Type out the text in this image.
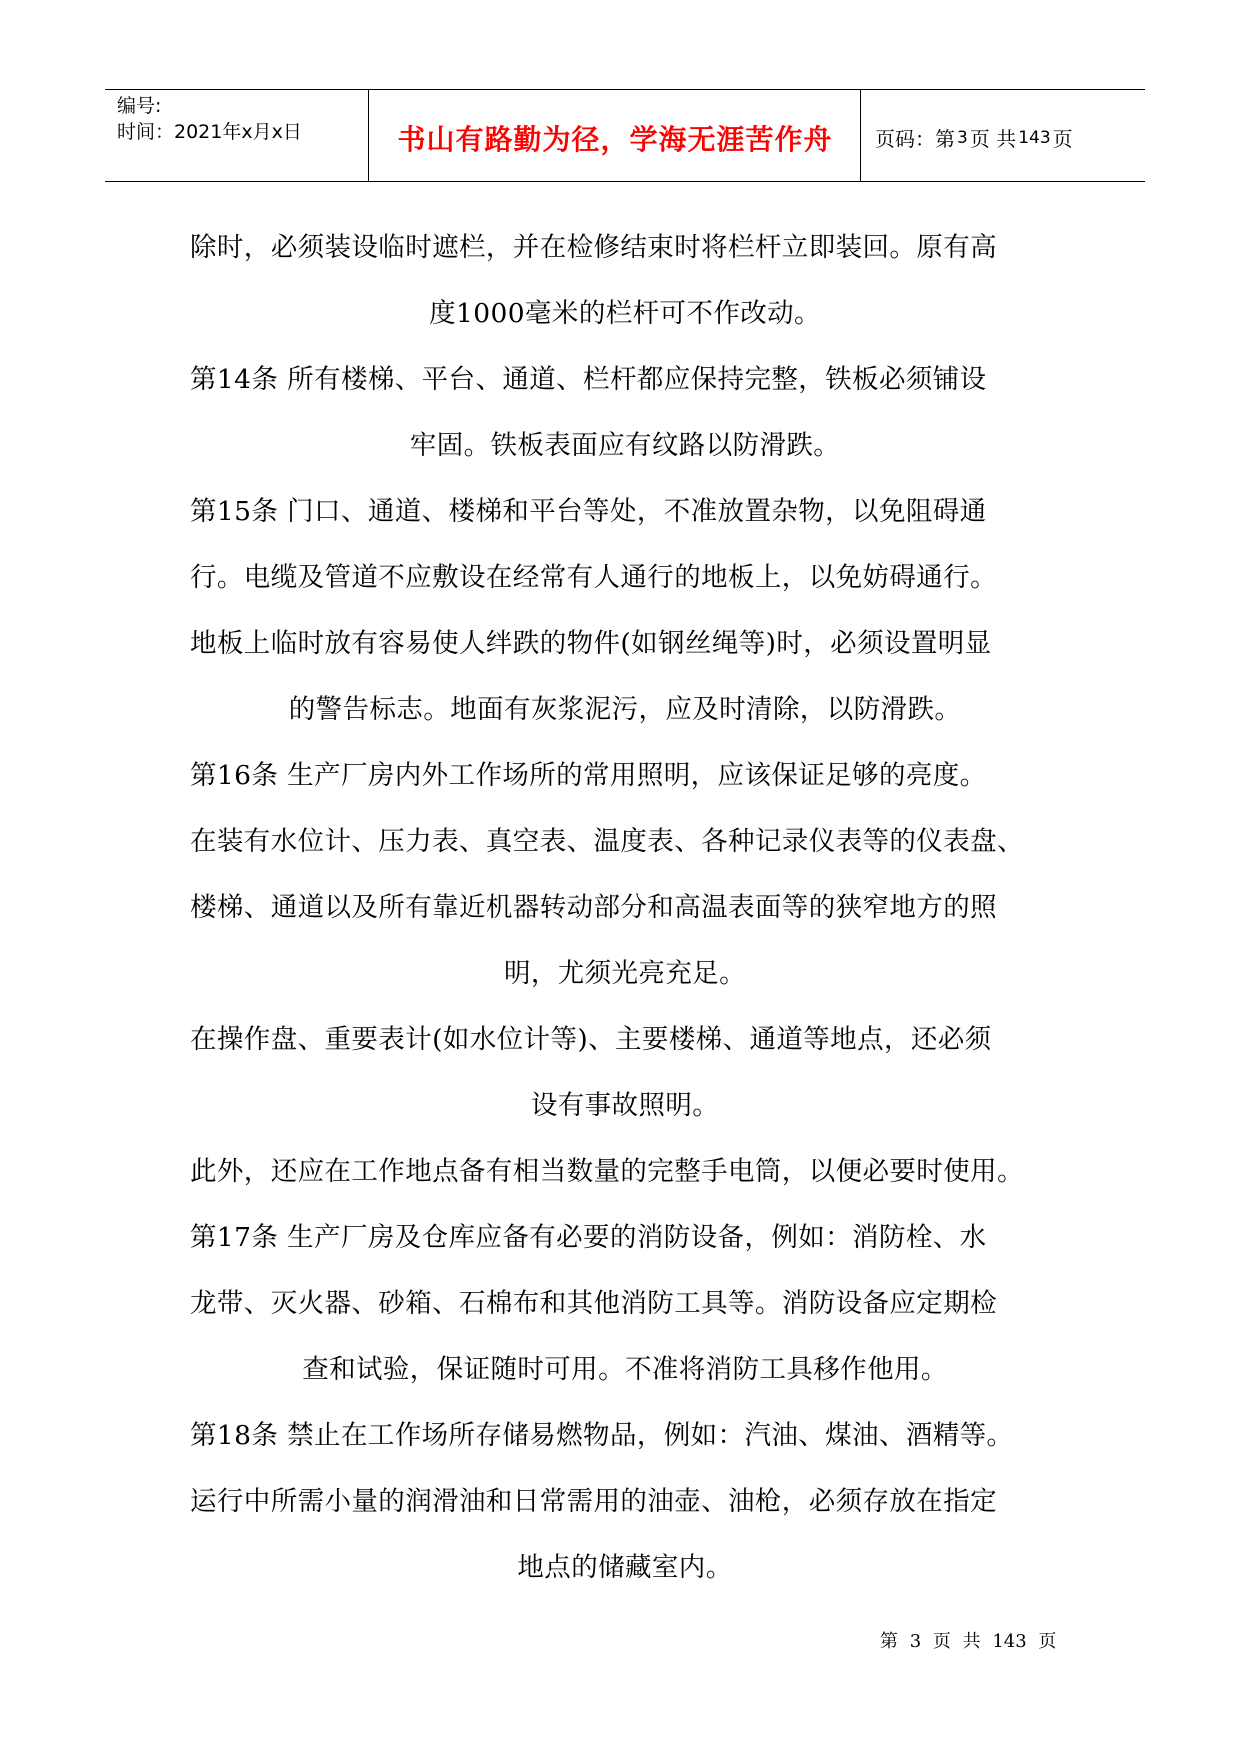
编号:
时间：2021年x月x日	书山有路勤为径，学海无涯苦作舟	页码：第 3 页 共 143 页
除时，必须装设临时遮栏，并在检修结束时将栏杆立即装回。原有高
度1000毫米的栏杆可不作改动。
第14条 所有楼梯、平台、通道、栏杆都应保持完整，铁板必须铺设
牢固。铁板表面应有纹路以防滑跌。
第15条 门口、通道、楼梯和平台等处，不准放置杂物，以免阻碍通
行。电缆及管道不应敷设在经常有人通行的地板上，以免妨碍通行。
地板上临时放有容易使人绊跌的物件(如钢丝绳等)时，必须设置明显
的警告标志。地面有灰浆泥污，应及时清除，以防滑跌。
第16条 生产厂房内外工作场所的常用照明，应该保证足够的亮度。
在装有水位计、压力表、真空表、温度表、各种记录仪表等的仪表盘、
楼梯、通道以及所有靠近机器转动部分和高温表面等的狭窄地方的照
明，尤须光亮充足。
在操作盘、重要表计(如水位计等)、主要楼梯、通道等地点，还必须
设有事故照明。
此外，还应在工作地点备有相当数量的完整手电筒，以便必要时使用。
第17条 生产厂房及仓库应备有必要的消防设备，例如：消防栓、水
龙带、灭火器、砂箱、石棉布和其他消防工具等。消防设备应定期检
查和试验，保证随时可用。不准将消防工具移作他用。
第18条 禁止在工作场所存储易燃物品，例如：汽油、煤油、酒精等。
运行中所需小量的润滑油和日常需用的油壶、油枪，必须存放在指定
地点的储藏室内。
第 3 页 共 143 页
